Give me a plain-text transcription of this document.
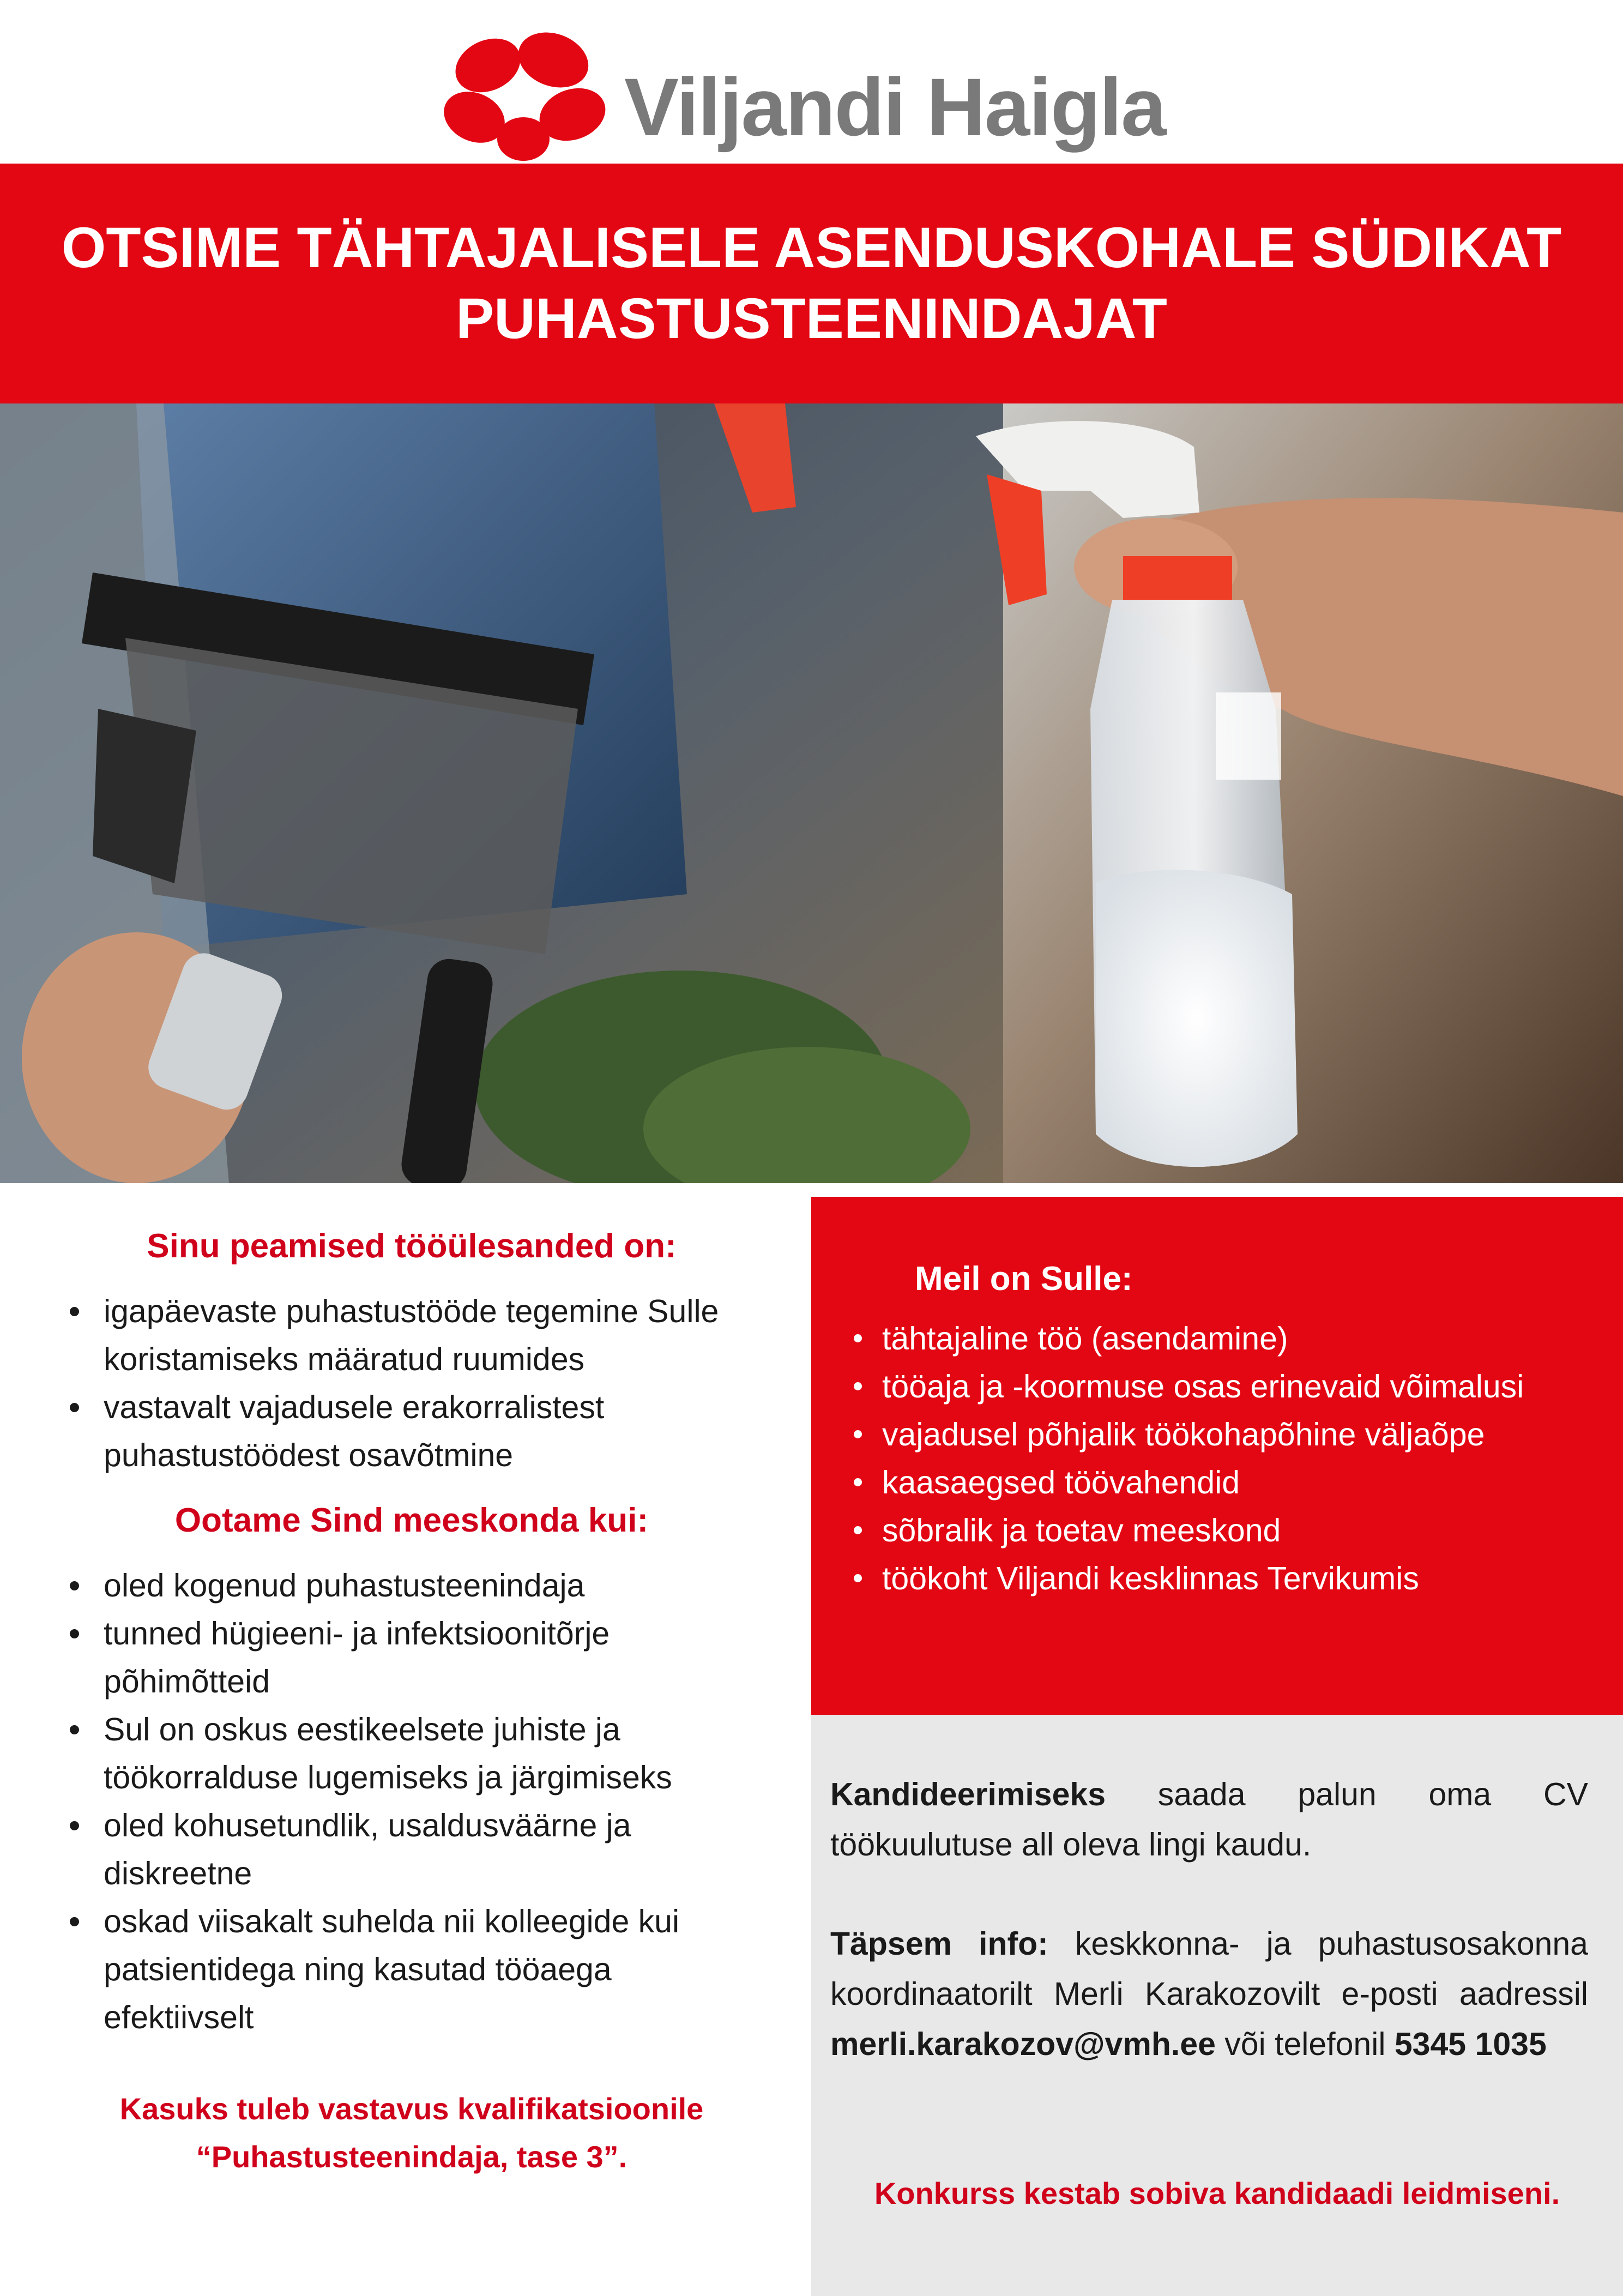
Viljandi Haigla
OTSIME TÄHTAJALISELE ASENDUSKOHALE SÜDIKAT
PUHASTUSTEENINDAJAT
Sinu peamised tööülesanded on:
igapäevaste puhastustööde tegemine Sulle koristamiseks määratud ruumides
vastavalt vajadusele erakorralistest puhastustöödest osavõtmine
Ootame Sind meeskonda kui:
oled kogenud puhastusteenindaja
tunned hügieeni- ja infektsioonitõrje põhimõtteid
Sul on oskus eestikeelsete juhiste ja töökorralduse lugemiseks ja järgimiseks
oled kohusetundlik, usaldusväärne ja diskreetne
oskad viisakalt suhelda nii kolleegide kui patsientidega ning kasutad tööaega efektiivselt
Kasuks tuleb vastavus kvalifikatsioonile
“Puhastusteenindaja, tase 3”.
Meil on Sulle:
tähtajaline töö (asendamine)
tööaja ja -koormuse osas erinevaid võimalusi
vajadusel põhjalik töökohapõhine väljaõpe
kaasaegsed töövahendid
sõbralik ja toetav meeskond
töökoht Viljandi kesklinnas Tervikumis

Kandideerimiseks saada palun oma CV töökuulutuse all oleva lingi kaudu.

Täpsem info: keskkonna- ja puhastusosakonna koordinaatorilt Merli Karakozovilt e-posti aadressil merli.karakozov@vmh.ee või telefonil 5345 1035

Konkurss kestab sobiva kandidaadi leidmiseni.
